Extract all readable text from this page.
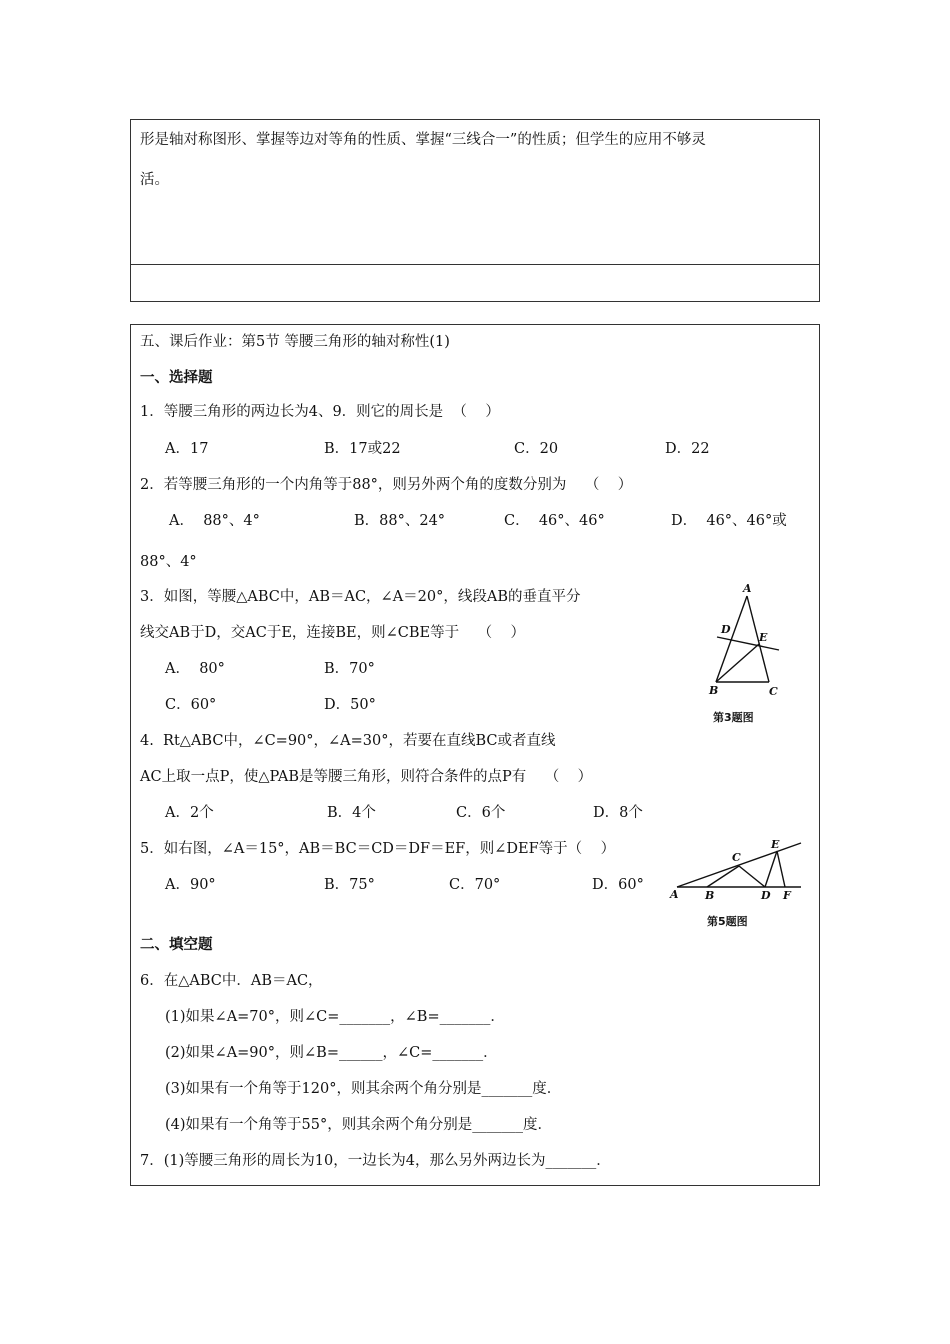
形是轴对称图形、掌握等边对等角的性质、掌握“三线合一”的性质；但学生的应用不够灵
活。
五、课后作业：第5节 等腰三角形的轴对称性(1)
一、选择题
1．等腰三角形的两边长为4、9．则它的周长是  （    ）
A．17	B．17或22	C．20	D．22
2．若等腰三角形的一个内角等于88°，则另外两个角的度数分别为    （    ）
A．  88°、4°	B．88°、24°	C．  46°、46°	D．  46°、46°或
88°、4°
3．如图，等腰△ABC中，AB＝AC，∠A＝20°，线段AB的垂直平分
线交AB于D，交AC于E，连接BE，则∠CBE等于    （    ）
A．  80°	B．70°
C．60°	D．50°
A
D
E
B	C
第3题图
4.  Rt△ABC中，∠C=90°，∠A=30°，若要在直线BC或者直线
AC上取一点P，使△PAB是等腰三角形，则符合条件的点P有    （    ）
A．2个	B．4个	C．6个	D．8个
5．如右图，∠A＝15°，AB＝BC＝CD＝DF＝EF，则∠DEF等于（    ）
A．90°	B．75°	C．70°	D．60°
A B
C
D
E
F
第5题图
二、填空题
6．在△ABC中．AB＝AC，
(1)如果∠A=70°，则∠C=_______，∠B=_______．
(2)如果∠A=90°，则∠B=______，∠C=_______．
(3)如果有一个角等于120°，则其余两个角分别是_______度．
(4)如果有一个角等于55°，则其余两个角分别是_______度．
7．(1)等腰三角形的周长为10，一边长为4，那么另外两边长为_______．
